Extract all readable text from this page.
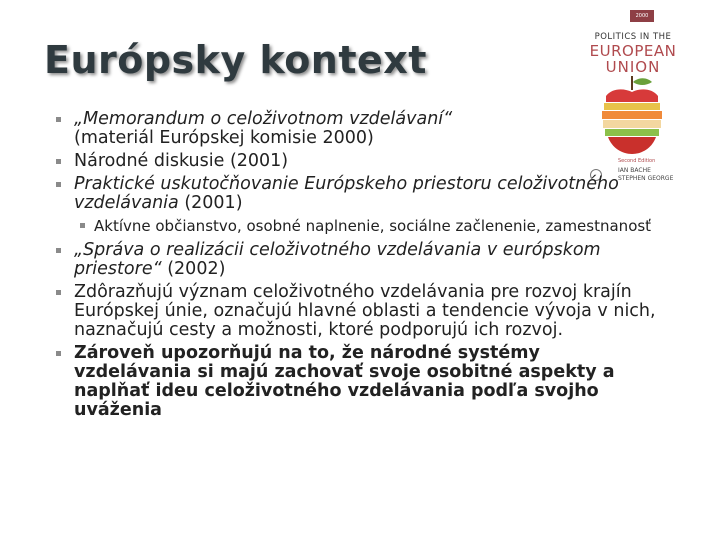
Európsky kontext
2000 2001
POLITICS IN THE
EUROPEAN
UNION
Second Edition
IAN BACHE
STEPHEN GEORGE
„Memorandum o celoživotnom vzdelávaní“
(materiál Európskej komisie 2000)
Národné diskusie (2001)
Praktické uskutočňovanie Európskeho priestoru celoživotného vzdelávania (2001)
Aktívne občianstvo, osobné naplnenie, sociálne začlenenie, zamestnanosť
„Správa o realizácii celoživotného vzdelávania v európskom priestore“ (2002)
Zdôrazňujú význam celoživotného vzdelávania pre rozvoj krajín Európskej únie, označujú hlavné oblasti a tendencie vývoja v nich, naznačujú cesty a možnosti, ktoré podporujú ich rozvoj.
Zároveň upozorňujú na to, že národné systémy vzdelávania si majú zachovať svoje osobitné aspekty a naplňať ideu celoživotného vzdelávania podľa svojho uváženia
